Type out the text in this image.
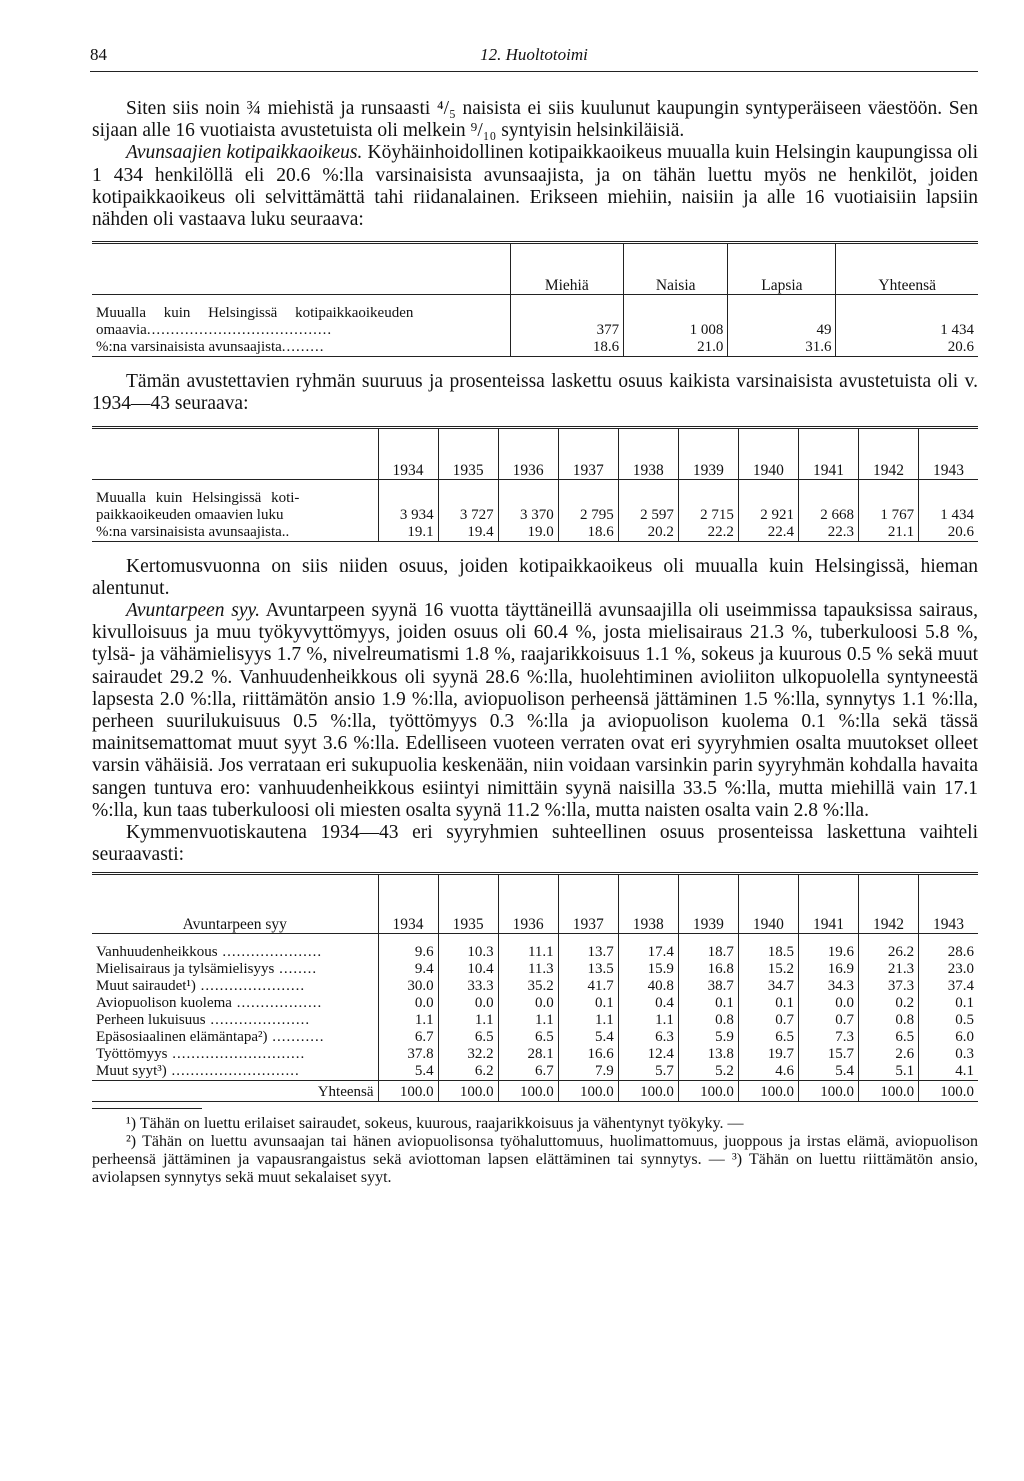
84	12. Huoltotoimi

Siten siis noin ¾ miehistä ja runsaasti ⁴/₅ naisista ei siis kuulunut kaupungin syntyperäiseen väestöön. Sen sijaan alle 16 vuotiaista avustetuista oli melkein ⁹/₁₀ syntyisin helsinkiläisiä.

Avunsaajien kotipaikkaoikeus. Köyhäinhoidollinen kotipaikkaoikeus muualla kuin Helsingin kaupungissa oli 1 434 henkilöllä eli 20.6 %:lla varsinaisista avunsaajista, ja on tähän luettu myös ne henkilöt, joiden kotipaikkaoikeus oli selvittämättä tahi riidanalainen. Erikseen miehiin, naisiin ja alle 16 vuotiaisiin lapsiin nähden oli vastaava luku seuraava:

	Miehiä	Naisia	Lapsia	Yhteensä

Muualla kuin Helsingissä kotipaikkaoikeuden				
omaavia.......................................	377	1 008	49	1 434
%:na varsinaisista avunsaajista.........	18.6	21.0	31.6	20.6

Tämän avustettavien ryhmän suuruus ja prosenteissa laskettu osuus kaikista varsinaisista avustetuista oli v. 1934—43 seuraava:

	1934	1935	1936	1937	1938	1939	1940	1941	1942	1943

Muualla kuin Helsingissä koti-										
paikkaoikeuden omaavien luku	3 934	3 727	3 370	2 795	2 597	2 715	2 921	2 668	1 767	1 434
%:na varsinaisista avunsaajista..	19.1	19.4	19.0	18.6	20.2	22.2	22.4	22.3	21.1	20.6

Kertomusvuonna on siis niiden osuus, joiden kotipaikkaoikeus oli muualla kuin Helsingissä, hieman alentunut.

Avuntarpeen syy. Avuntarpeen syynä 16 vuotta täyttäneillä avunsaajilla oli useimmissa tapauksissa sairaus, kivulloisuus ja muu työkyvyttömyys, joiden osuus oli 60.4 %, josta mielisairaus 21.3 %, tuberkuloosi 5.8 %, tylsä- ja vähämielisyys 1.7 %, nivelreumatismi 1.8 %, raajarikkoisuus 1.1 %, sokeus ja kuurous 0.5 % sekä muut sairaudet 29.2 %. Vanhuudenheikkous oli syynä 28.6 %:lla, huolehtiminen avioliiton ulkopuolella syntyneestä lapsesta 2.0 %:lla, riittämätön ansio 1.9 %:lla, aviopuolison perheensä jättäminen 1.5 %:lla, synnytys 1.1 %:lla, perheen suurilukuisuus 0.5 %:lla, työttömyys 0.3 %:lla ja aviopuolison kuolema 0.1 %:lla sekä tässä mainitsemattomat muut syyt 3.6 %:lla. Edelliseen vuoteen verraten ovat eri syyryhmien osalta muutokset olleet varsin vähäisiä. Jos verrataan eri sukupuolia keskenään, niin voidaan varsinkin parin syyryhmän kohdalla havaita sangen tuntuva ero: vanhuudenheikkous esiintyi nimittäin syynä naisilla 33.5 %:lla, mutta miehillä vain 17.1 %:lla, kun taas tuberkuloosi oli miesten osalta syynä 11.2 %:lla, mutta naisten osalta vain 2.8 %:lla.

Kymmenvuotiskautena 1934—43 eri syyryhmien suhteellinen osuus prosenteissa laskettuna vaihteli seuraavasti:

Avuntarpeen syy	1934	1935	1936	1937	1938	1939	1940	1941	1942	1943

Vanhuudenheikkous .....................	9.6	10.3	11.1	13.7	17.4	18.7	18.5	19.6	26.2	28.6
Mielisairaus ja tylsämielisyys ........	9.4	10.4	11.3	13.5	15.9	16.8	15.2	16.9	21.3	23.0
Muut sairaudet¹) ......................	30.0	33.3	35.2	41.7	40.8	38.7	34.7	34.3	37.3	37.4
Aviopuolison kuolema ..................	0.0	0.0	0.0	0.1	0.4	0.1	0.1	0.0	0.2	0.1
Perheen lukuisuus .....................	1.1	1.1	1.1	1.1	1.1	0.8	0.7	0.7	0.8	0.5
Epäsosiaalinen elämäntapa²) ...........	6.7	6.5	6.5	5.4	6.3	5.9	6.5	7.3	6.5	6.0
Työttömyys ............................	37.8	32.2	28.1	16.6	12.4	13.8	19.7	15.7	2.6	0.3
Muut syyt³) ...........................	5.4	6.2	6.7	7.9	5.7	5.2	4.6	5.4	5.1	4.1
Yhteensä	100.0	100.0	100.0	100.0	100.0	100.0	100.0	100.0	100.0	100.0

¹) Tähän on luettu erilaiset sairaudet, sokeus, kuurous, raajarikkoisuus ja vähentynyt työkyky. —

²) Tähän on luettu avunsaajan tai hänen aviopuolisonsa työhaluttomuus, huolimattomuus, juoppous ja irstas elämä, aviopuolison perheensä jättäminen ja vapausrangaistus sekä aviottoman lapsen elättäminen tai synnytys. — ³) Tähän on luettu riittämätön ansio, aviolapsen synnytys sekä muut sekalaiset syyt.
